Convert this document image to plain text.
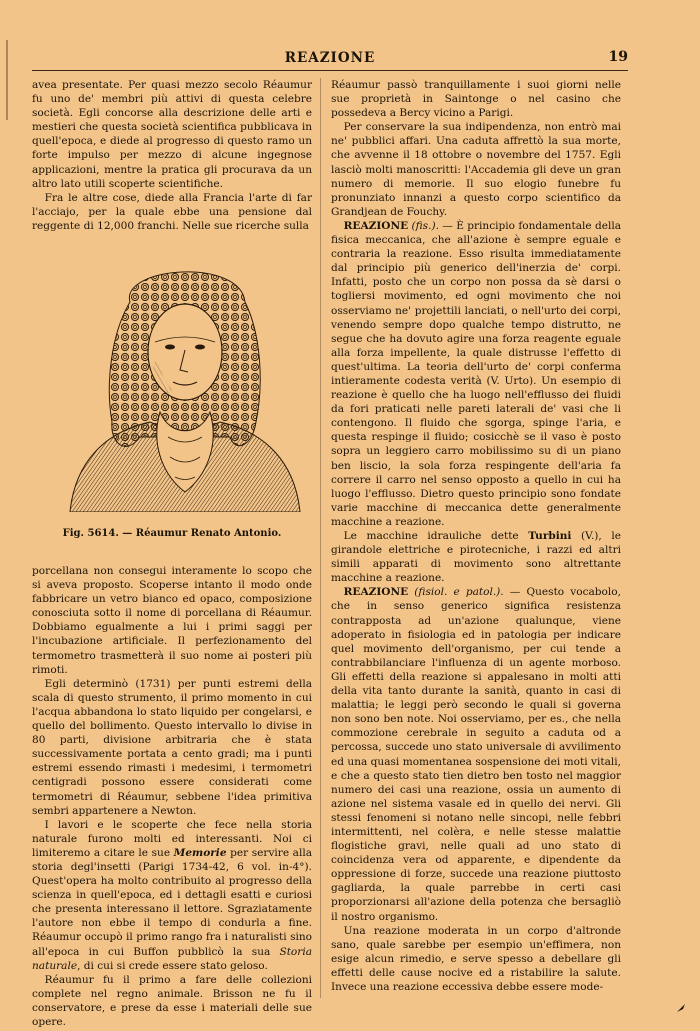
REAZIONE	19

avea presentate. Per quasi mezzo secolo Réaumur fu uno de' membri più attivi di questa celebre società. Egli concorse alla descrizione delle arti e mestieri che questa società scientifica pubblicava in quell'epoca, e diede al progresso di questo ramo un forte impulso per mezzo di alcune ingegnose applicazioni, mentre la pratica gli procurava da un altro lato utili scoperte scientifiche.

Fra le altre cose, diede alla Francia l'arte di far l'acciajo, per la quale ebbe una pensione dal reggente di 12,000 franchi. Nelle sue ricerche sulla

Fig. 5614. — Réaumur Renato Antonio.

porcellana non consegui interamente lo scopo che si aveva proposto. Scoperse intanto il modo onde fabbricare un vetro bianco ed opaco, composizione conosciuta sotto il nome di porcellana di Réaumur. Dobbiamo egualmente a lui i primi saggi per l'incubazione artificiale. Il perfezionamento del termometro trasmetterà il suo nome ai posteri più rimoti.

Egli determinò (1731) per punti estremi della scala di questo strumento, il primo momento in cui l'acqua abbandona lo stato liquido per congelarsi, e quello del bollimento. Questo intervallo lo divise in 80 parti, divisione arbitraria che è stata successivamente portata a cento gradi; ma i punti estremi essendo rimasti i medesimi, i termometri centigradi possono essere considerati come termometri di Réaumur, sebbene l'idea primitiva sembri appartenere a Newton.

I lavori e le scoperte che fece nella storia naturale furono molti ed interessanti. Noi ci limiteremo a citare le sue Memorie per servire alla storia degl'insetti (Parigi 1734-42, 6 vol. in-4°). Quest'opera ha molto contribuito al progresso della scienza in quell'epoca, ed i dettagli esatti e curiosi che presenta interessano il lettore. Sgraziatamente l'autore non ebbe il tempo di condurla a fine. Réaumur occupò il primo rango fra i naturalisti sino all'epoca in cui Buffon pubblicò la sua Storia naturale, di cui si crede essere stato geloso.

Réaumur fu il primo a fare delle collezioni complete nel regno animale. Brisson ne fu il conservatore, e prese da esse i materiali delle sue opere.

Réaumur passò tranquillamente i suoi giorni nelle sue proprietà in Saintonge o nel casino che possedeva a Bercy vicino a Parigi.

Per conservare la sua indipendenza, non entrò mai ne' pubblici affari. Una caduta affrettò la sua morte, che avvenne il 18 ottobre o novembre del 1757. Egli lasciò molti manoscritti: l'Accademia gli deve un gran numero di memorie. Il suo elogio funebre fu pronunziato innanzi a questo corpo scientifico da Grandjean de Fouchy.

REAZIONE (fis.). — È principio fondamentale della fisica meccanica, che all'azione è sempre eguale e contraria la reazione. Esso risulta immediatamente dal principio più generico dell'inerzia de' corpi. Infatti, posto che un corpo non possa da sè darsi o togliersi movimento, ed ogni movimento che noi osserviamo ne' projettili lanciati, o nell'urto dei corpi, venendo sempre dopo qualche tempo distrutto, ne segue che ha dovuto agire una forza reagente eguale alla forza impellente, la quale distrusse l'effetto di quest'ultima. La teoria dell'urto de' corpi conferma intieramente codesta verità (V. Urto). Un esempio di reazione è quello che ha luogo nell'efflusso dei fluidi da fori praticati nelle pareti laterali de' vasi che li contengono. Il fluido che sgorga, spinge l'aria, e questa respinge il fluido; cosicchè se il vaso è posto sopra un leggiero carro mobilissimo su di un piano ben liscio, la sola forza respingente dell'aria fa correre il carro nel senso opposto a quello in cui ha luogo l'efflusso. Dietro questo principio sono fondate varie macchine di meccanica dette generalmente macchine a reazione.

Le macchine idrauliche dette Turbini (V.), le girandole elettriche e pirotecniche, i razzi ed altri simili apparati di movimento sono altrettante macchine a reazione.

REAZIONE (fisiol. e patol.). — Questo vocabolo, che in senso generico significa resistenza contrapposta ad un'azione qualunque, viene adoperato in fisiologia ed in patologia per indicare quel movimento dell'organismo, per cui tende a contrabbilanciare l'influenza di un agente morboso. Gli effetti della reazione si appalesano in molti atti della vita tanto durante la sanità, quanto in casi di malattia; le leggi però secondo le quali si governa non sono ben note. Noi osserviamo, per es., che nella commozione cerebrale in seguito a caduta od a percossa, succede uno stato universale di avvilimento ed una quasi momentanea sospensione dei moti vitali, e che a questo stato tien dietro ben tosto nel maggior numero dei casi una reazione, ossia un aumento di azione nel sistema vasale ed in quello dei nervi. Gli stessi fenomeni si notano nelle sincopi, nelle febbri intermittenti, nel colèra, e nelle stesse malattie flogistiche gravi, nelle quali ad uno stato di coincidenza vera od apparente, e dipendente da oppressione di forze, succede una reazione piuttosto gagliarda, la quale parrebbe in certi casi proporzionarsi all'azione della potenza che bersagliò il nostro organismo.

Una reazione moderata in un corpo d'altronde sano, quale sarebbe per esempio un'effimera, non esige alcun rimedio, e serve spesso a debellare gli effetti delle cause nocive ed a ristabilire la salute. Invece una reazione eccessiva debbe essere mode-
